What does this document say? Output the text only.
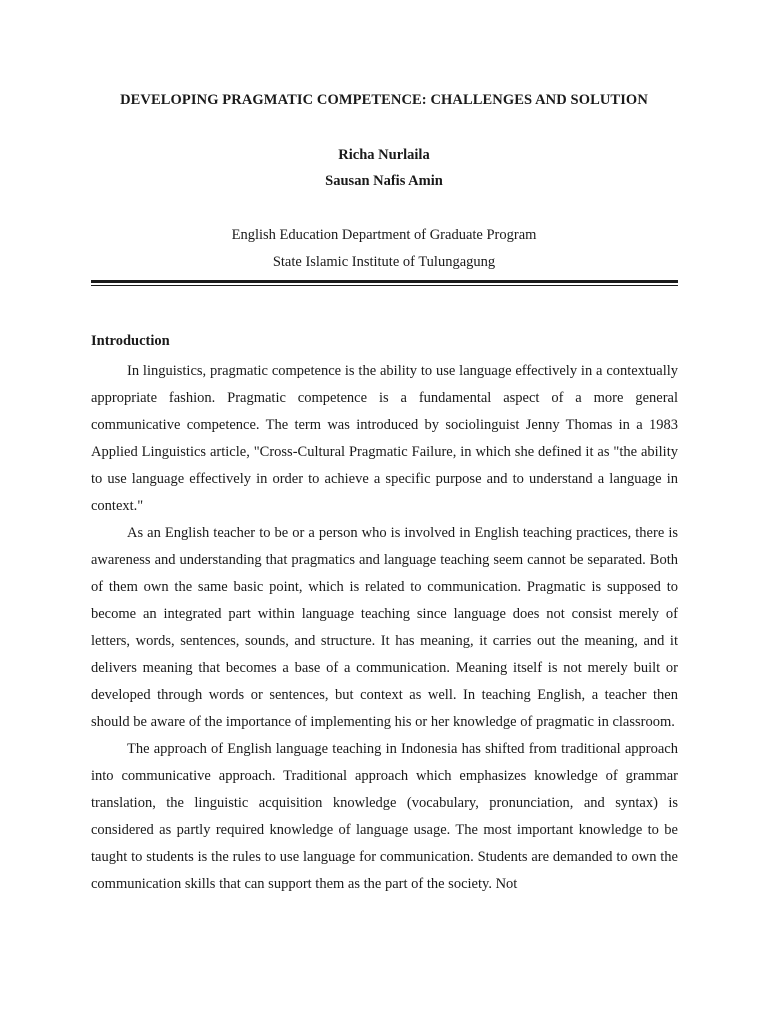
DEVELOPING PRAGMATIC COMPETENCE: CHALLENGES AND SOLUTION
Richa Nurlaila
Sausan Nafis Amin
English Education Department of Graduate Program
State Islamic Institute of Tulungagung
Introduction

In linguistics, pragmatic competence is the ability to use language effectively in a contextually appropriate fashion. Pragmatic competence is a fundamental aspect of a more general communicative competence. The term was introduced by sociolinguist Jenny Thomas in a 1983 Applied Linguistics article, "Cross-Cultural Pragmatic Failure, in which she defined it as "the ability to use language effectively in order to achieve a specific purpose and to understand a language in context."

As an English teacher to be or a person who is involved in English teaching practices, there is awareness and understanding that pragmatics and language teaching seem cannot be separated. Both of them own the same basic point, which is related to communication. Pragmatic is supposed to become an integrated part within language teaching since language does not consist merely of letters, words, sentences, sounds, and structure. It has meaning, it carries out the meaning, and it delivers meaning that becomes a base of a communication. Meaning itself is not merely built or developed through words or sentences, but context as well. In teaching English, a teacher then should be aware of the importance of implementing his or her knowledge of pragmatic in classroom.

The approach of English language teaching in Indonesia has shifted from traditional approach into communicative approach. Traditional approach which emphasizes knowledge of grammar translation, the linguistic acquisition knowledge (vocabulary, pronunciation, and syntax) is considered as partly required knowledge of language usage. The most important knowledge to be taught to students is the rules to use language for communication. Students are demanded to own the communication skills that can support them as the part of the society. Not
